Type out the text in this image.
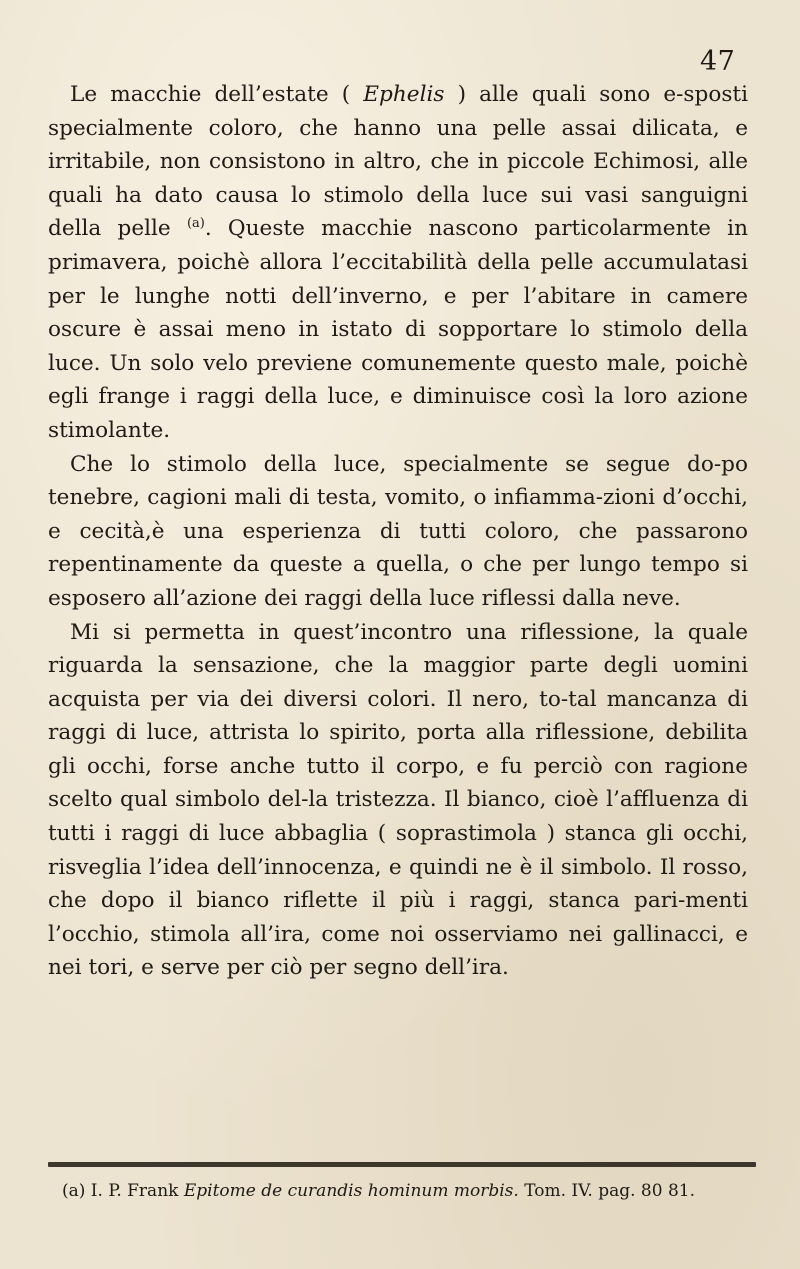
47

Le macchie dell’estate ( Ephelis ) alle quali sono e-sposti specialmente coloro, che hanno una pelle assai dilicata, e irritabile, non consistono in altro, che in piccole Echimosi, alle quali ha dato causa lo stimolo della luce sui vasi sanguigni della pelle $^{(a)}$. Queste macchie nascono particolarmente in primavera, poichè allora l’eccitabilità della pelle accumulatasi per le lunghe notti dell’inverno, e per l’abitare in camere oscure è assai meno in istato di sopportare lo stimolo della luce. Un solo velo previene comunemente questo male, poichè egli frange i raggi della luce, e diminuisce così la loro azione stimolante.

Che lo stimolo della luce, specialmente se segue do-po tenebre, cagioni mali di testa, vomito, o infiamma-zioni d’occhi, e cecità,è una esperienza di tutti coloro, che passarono repentinamente da queste a quella, o che per lungo tempo si esposero all’azione dei raggi della luce riflessi dalla neve.

Mi si permetta in quest’incontro una riflessione, la quale riguarda la sensazione, che la maggior parte degli uomini acquista per via dei diversi colori. Il nero, to-tal mancanza di raggi di luce, attrista lo spirito, porta alla riflessione, debilita gli occhi, forse anche tutto il corpo, e fu perciò con ragione scelto qual simbolo del-la tristezza. Il bianco, cioè l’affluenza di tutti i raggi di luce abbaglia ( soprastimola ) stanca gli occhi, risveglia l’idea dell’innocenza, e quindi ne è il simbolo. Il rosso, che dopo il bianco riflette il più i raggi, stanca pari-menti l’occhio, stimola all’ira, come noi osserviamo nei gallinacci, e nei tori, e serve per ciò per segno dell’ira.

(a) I. P. Frank Epitome de curandis hominum morbis. Tom. IV. pag. 80 81.
